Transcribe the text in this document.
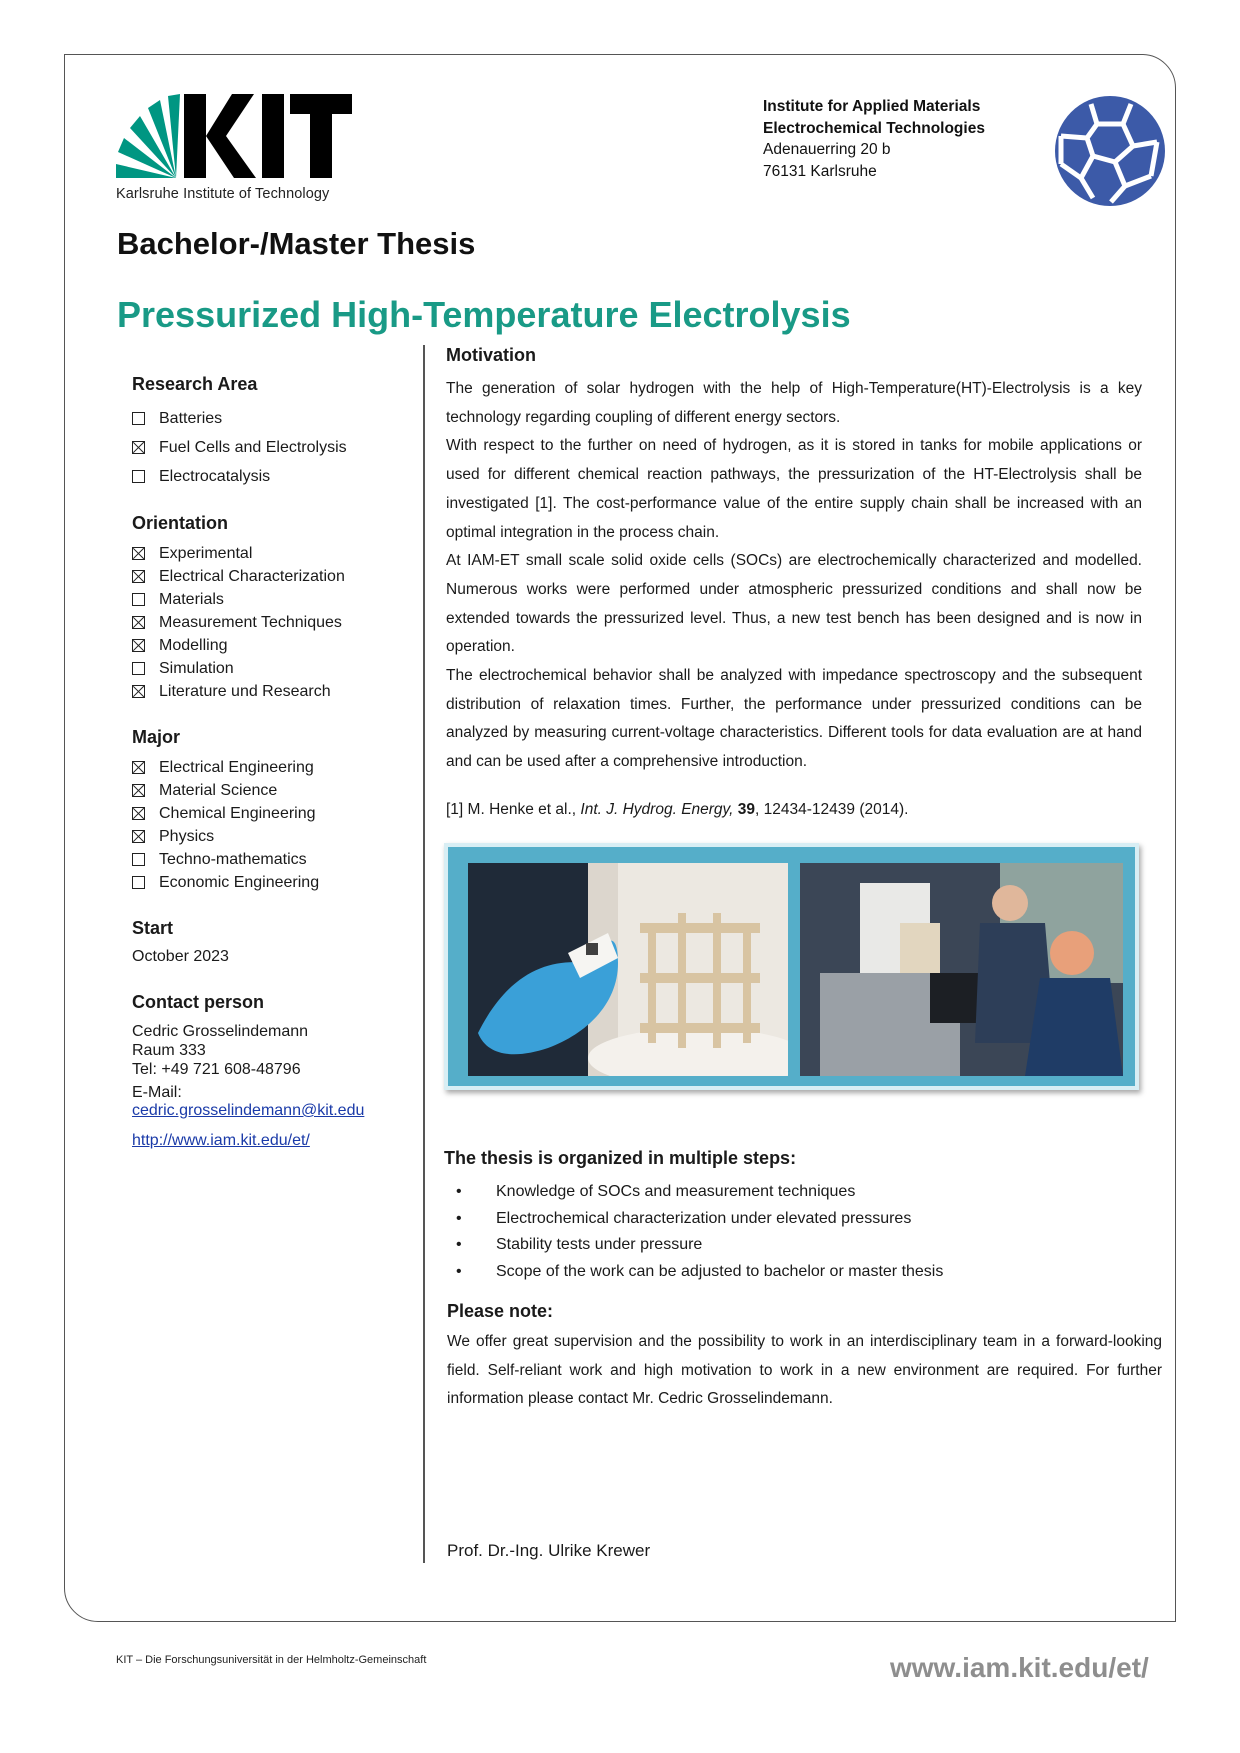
Karlsruhe Institute of Technology
Institute for Applied Materials
Electrochemical Technologies
Adenauerring 20 b
76131 Karlsruhe
Bachelor-/Master Thesis
Pressurized High-Temperature Electrolysis
Research Area
Batteries
Fuel Cells and Electrolysis
Electrocatalysis
Orientation
Experimental
Electrical Characterization
Materials
Measurement Techniques
Modelling
Simulation
Literature und Research
Major
Electrical Engineering
Material Science
Chemical Engineering
Physics
Techno-mathematics
Economic Engineering
Start

October 2023

Contact person

Cedric Grosselindemann

Raum 333

Tel: +49 721 608-48796

E-Mail:

cedric.grosselindemann@kit.edu

http://www.iam.kit.edu/et/

Motivation

The generation of solar hydrogen with the help of High-Temperature(HT)-Electrolysis is a key technology regarding coupling of different energy sectors.

With respect to the further on need of hydrogen, as it is stored in tanks for mobile applications or used for different chemical reaction pathways, the pressurization of the HT-Electrolysis shall be investigated [1]. The cost-performance value of the entire supply chain shall be increased with an optimal integration in the process chain.

At IAM-ET small scale solid oxide cells (SOCs) are electrochemically characterized and modelled. Numerous works were performed under atmospheric pressurized conditions and shall now be extended towards the pressurized level. Thus, a new test bench has been designed and is now in operation.

The electrochemical behavior shall be analyzed with impedance spectroscopy and the subsequent distribution of relaxation times. Further, the performance under pressurized conditions can be analyzed by measuring current-voltage characteristics. Different tools for data evaluation are at hand and can be used after a comprehensive introduction.

[1] M. Henke et al., Int. J. Hydrog. Energy, 39, 12434-12439 (2014).

The thesis is organized in multiple steps:
• Knowledge of SOCs and measurement techniques
• Electrochemical characterization under elevated pressures
• Stability tests under pressure
• Scope of the work can be adjusted to bachelor or master thesis
Please note:

We offer great supervision and the possibility to work in an interdisciplinary team in a forward-looking field. Self-reliant work and high motivation to work in a new environment are required. For further information please contact Mr. Cedric Grosselindemann.

Prof. Dr.-Ing. Ulrike Krewer
KIT – Die Forschungsuniversität in der Helmholtz-Gemeinschaft	www.iam.kit.edu/et/
